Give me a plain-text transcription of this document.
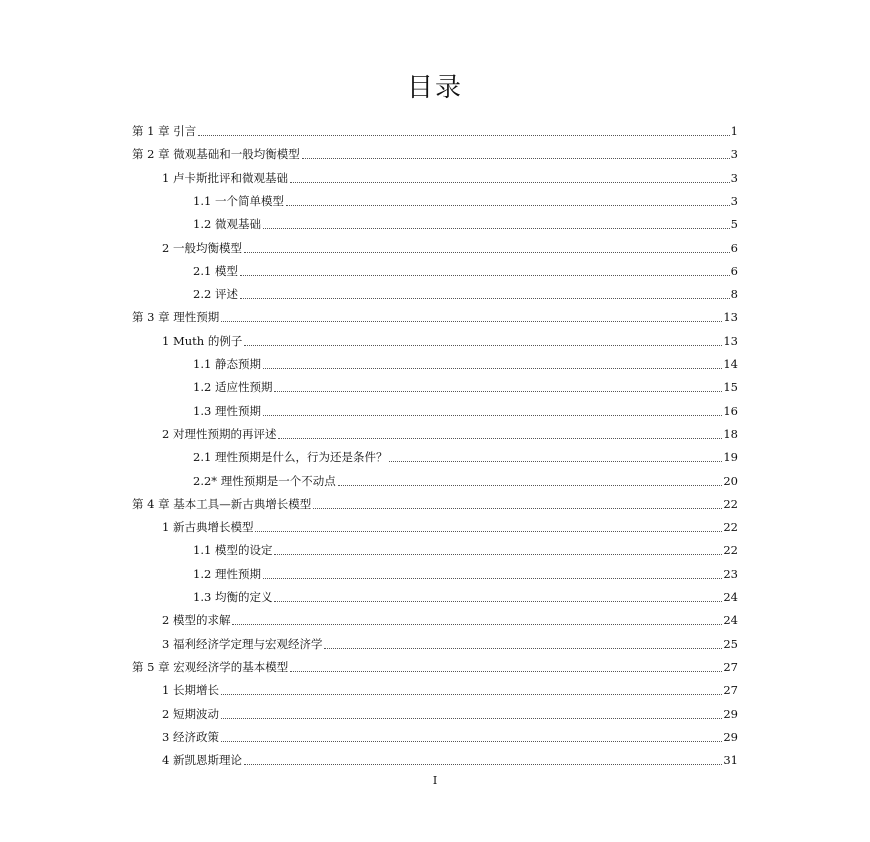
目录
第 1 章 引言	1
第 2 章 微观基础和一般均衡模型	3
1 卢卡斯批评和微观基础	3
1.1 一个简单模型	3
1.2 微观基础	5
2 一般均衡模型	6
2.1 模型	6
2.2 评述	8
第 3 章 理性预期	13
1 Muth 的例子	13
1.1 静态预期	14
1.2 适应性预期	15
1.3 理性预期	16
2 对理性预期的再评述	18
2.1 理性预期是什么，行为还是条件？	19
2.2* 理性预期是一个不动点	20
第 4 章 基本工具—新古典增长模型	22
1 新古典增长模型	22
1.1 模型的设定	22
1.2 理性预期	23
1.3 均衡的定义	24
2 模型的求解	24
3 福利经济学定理与宏观经济学	25
第 5 章 宏观经济学的基本模型	27
1 长期增长	27
2 短期波动	29
3 经济政策	29
4 新凯恩斯理论	31
I
